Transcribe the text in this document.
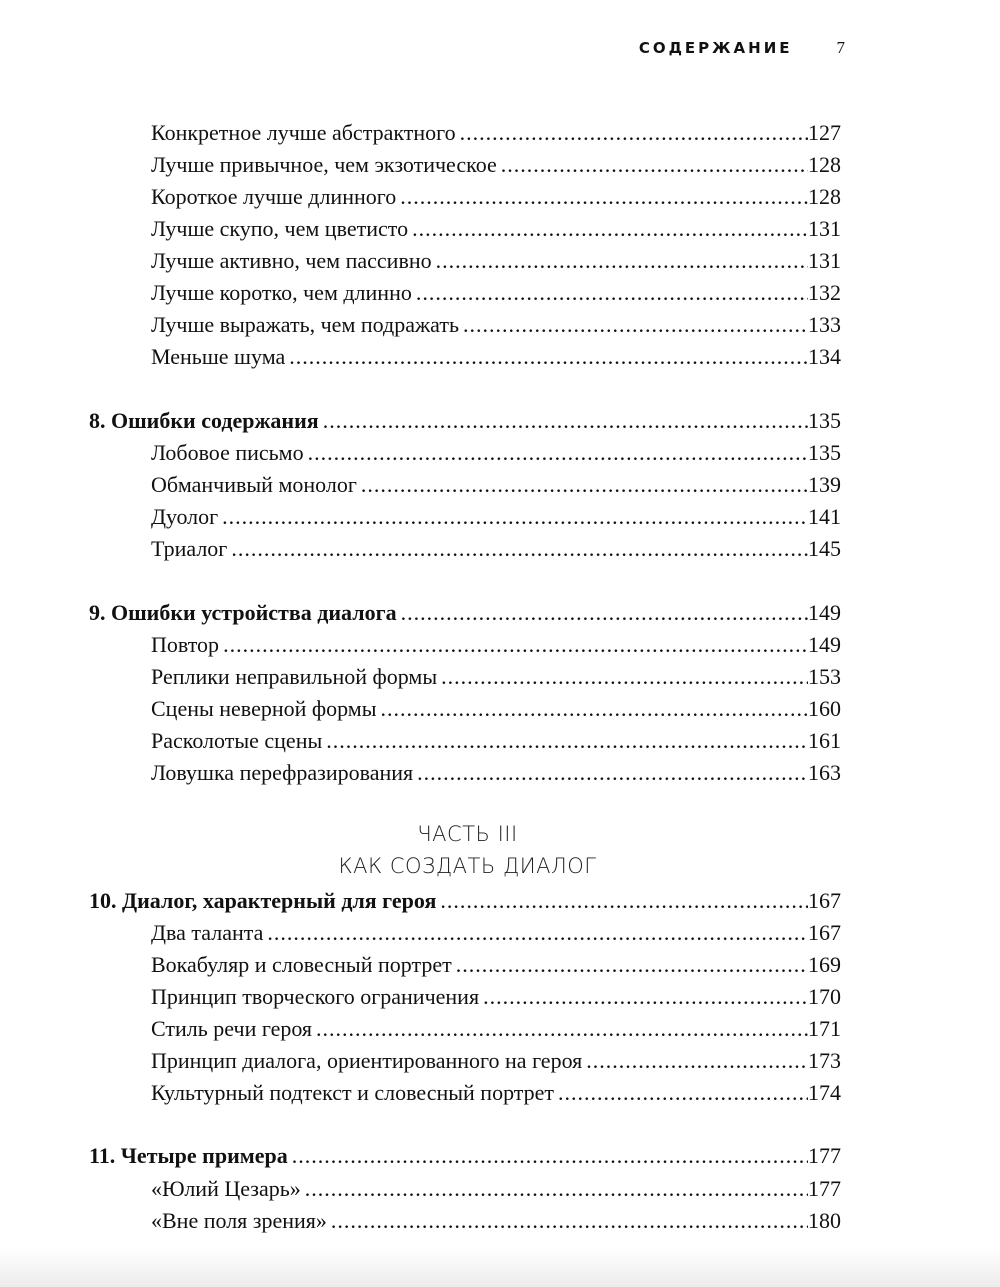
СОДЕРЖАНИЕ	7
Конкретное лучше абстрактного .....	127
Лучше привычное, чем экзотическое .....	128
Короткое лучше длинного .....	128
Лучше скупо, чем цветисто .....	131
Лучше активно, чем пассивно .....	131
Лучше коротко, чем длинно .....	132
Лучше выражать, чем подражать .....	133
Меньше шума .....	134
8. Ошибки содержания .....	135
Лобовое письмо .....	135
Обманчивый монолог .....	139
Дуолог .....	141
Триалог .....	145
9. Ошибки устройства диалога .....	149
Повтор .....	149
Реплики неправильной формы .....	153
Сцены неверной формы .....	160
Расколотые сцены .....	161
Ловушка перефразирования .....	163
ЧАСТЬ III
КАК СОЗДАТЬ ДИАЛОГ
10. Диалог, характерный для героя .....	167
Два таланта .....	167
Вокабуляр и словесный портрет .....	169
Принцип творческого ограничения .....	170
Стиль речи героя .....	171
Принцип диалога, ориентированного на героя .....	173
Культурный подтекст и словесный портрет .....	174
11. Четыре примера .....	177
«Юлий Цезарь» .....	177
«Вне поля зрения» .....	180
